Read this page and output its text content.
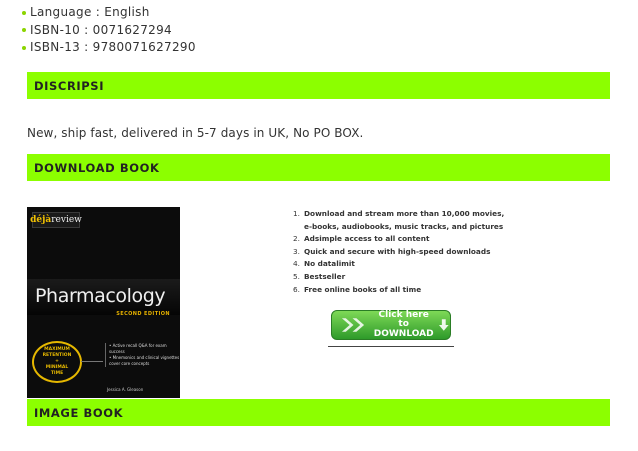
Language : English
ISBN-10 : 0071627294
ISBN-13 : 9780071627290
DISCRIPSI
New, ship fast, delivered in 5-7 days in UK, No PO BOX.
DOWNLOAD BOOK
déjà review
Pharmacology
SECOND EDITION
MAXIMUM
RETENTION
+
MINIMAL
TIME
• Active recall Q&A for exam success
• Mnemonics and clinical vignettes cover core concepts
Jessica A. Gleason
1. Download and stream more than 10,000 movies,
e-books, audiobooks, music tracks, and pictures
2. Adsimple access to all content
3. Quick and secure with high-speed downloads
4. No datalimit
5. Bestseller
6. Free online books of all time
Click here to
DOWNLOAD
IMAGE BOOK
